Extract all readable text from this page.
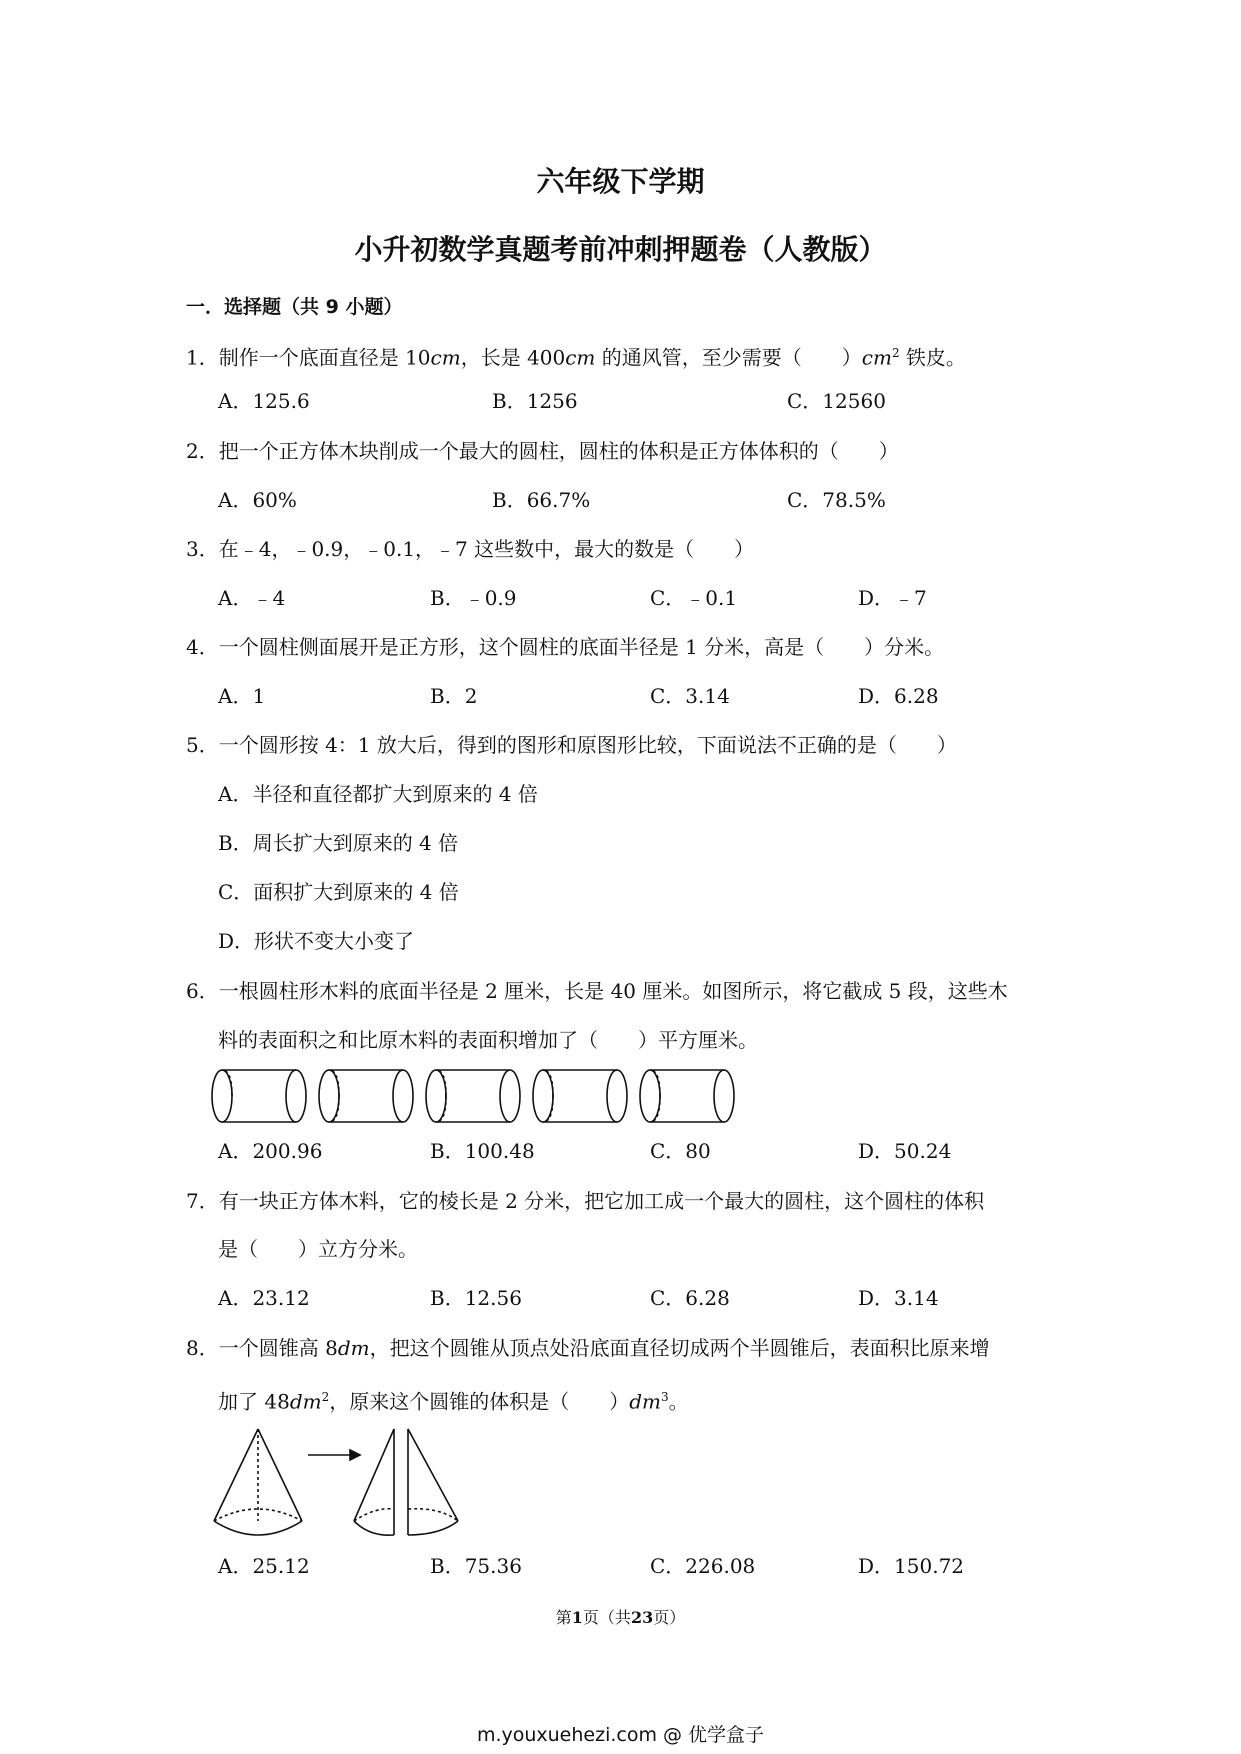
六年级下学期
小升初数学真题考前冲刺押题卷（人教版）
一．选择题（共 9 小题）
1．制作一个底面直径是 10cm，长是 400cm 的通风管，至少需要（　　）$cm^2$ 铁皮。
A．125.6	B．1256	C．12560
2．把一个正方体木块削成一个最大的圆柱，圆柱的体积是正方体体积的（　　）
A．60%	B．66.7%	C．78.5%
3．在﹣4，﹣0.9，﹣0.1，﹣7 这些数中，最大的数是（　　）
A．﹣4	B．﹣0.9	C．﹣0.1	D．﹣7
4．一个圆柱侧面展开是正方形，这个圆柱的底面半径是 1 分米，高是（　　）分米。
A．1	B．2	C．3.14	D．6.28
5．一个圆形按 4：1 放大后，得到的图形和原图形比较，下面说法不正确的是（　　）
A．半径和直径都扩大到原来的 4 倍
B．周长扩大到原来的 4 倍
C．面积扩大到原来的 4 倍
D．形状不变大小变了
6．一根圆柱形木料的底面半径是 2 厘米，长是 40 厘米。如图所示，将它截成 5 段，这些木
料的表面积之和比原木料的表面积增加了（　　）平方厘米。
A．200.96	B．100.48	C．80	D．50.24
7．有一块正方体木料，它的棱长是 2 分米，把它加工成一个最大的圆柱，这个圆柱的体积
是（　　）立方分米。
A．23.12	B．12.56	C．6.28	D．3.14
8．一个圆锥高 8dm，把这个圆锥从顶点处沿底面直径切成两个半圆锥后，表面积比原来增
加了 $48dm^2$，原来这个圆锥的体积是（　　）$dm^3$。
A．25.12	B．75.36	C．226.08	D．150.72
第1页（共23页）
m.youxuehezi.com @ 优学盒子
